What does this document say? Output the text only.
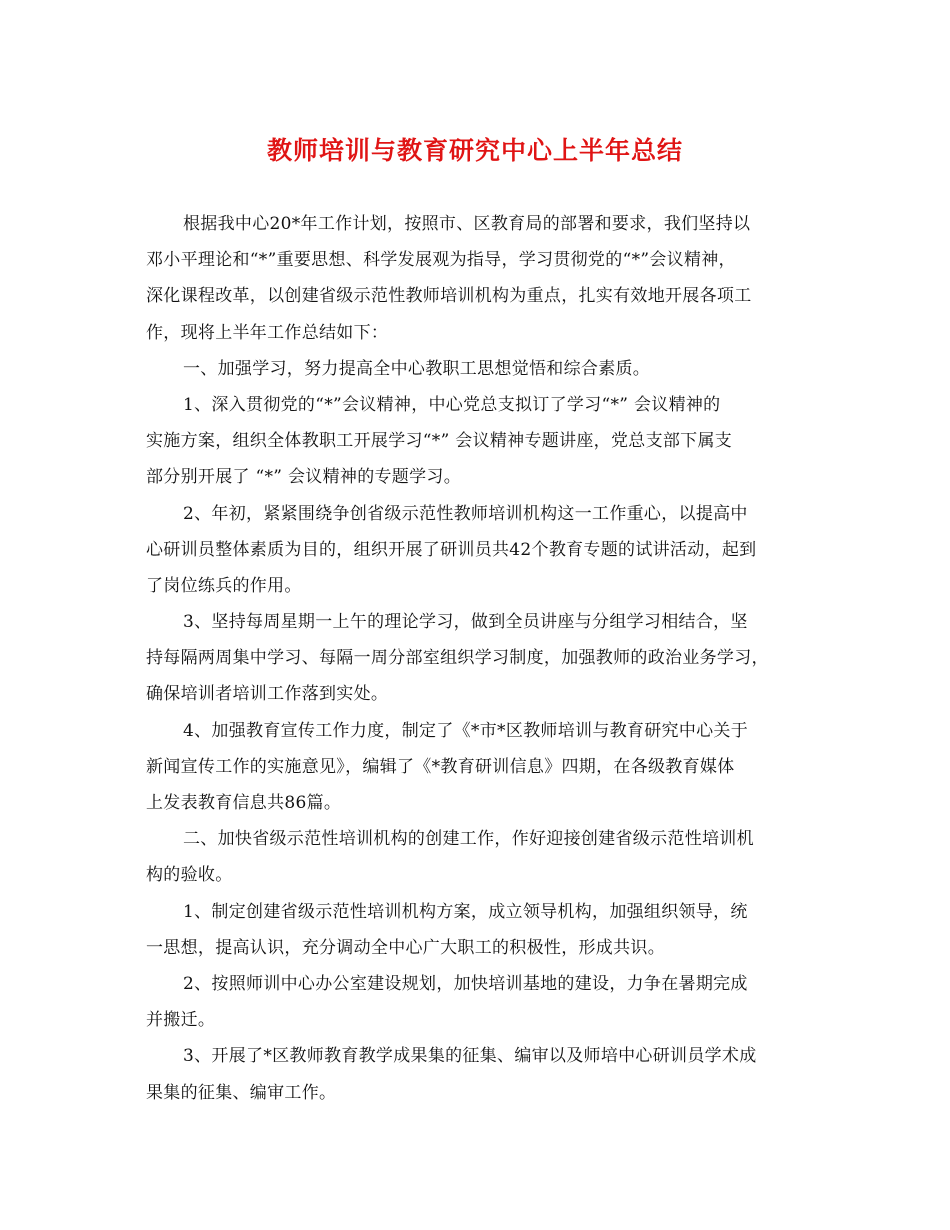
教师培训与教育研究中心上半年总结
根据我中心20*年工作计划，按照市、区教育局的部署和要求，我们坚持以
邓小平理论和“*”重要思想、科学发展观为指导，学习贯彻党的“*”会议精神，
深化课程改革，以创建省级示范性教师培训机构为重点，扎实有效地开展各项工
作，现将上半年工作总结如下：
一、加强学习，努力提高全中心教职工思想觉悟和综合素质。
1、深入贯彻党的“*”会议精神，中心党总支拟订了学习“*” 会议精神的
实施方案，组织全体教职工开展学习“*” 会议精神专题讲座，党总支部下属支
部分别开展了 “*” 会议精神的专题学习。
2、年初，紧紧围绕争创省级示范性教师培训机构这一工作重心，以提高中
心研训员整体素质为目的，组织开展了研训员共42个教育专题的试讲活动，起到
了岗位练兵的作用。
3、坚持每周星期一上午的理论学习，做到全员讲座与分组学习相结合，坚
持每隔两周集中学习、每隔一周分部室组织学习制度，加强教师的政治业务学习，
确保培训者培训工作落到实处。
4、加强教育宣传工作力度，制定了《*市*区教师培训与教育研究中心关于
新闻宣传工作的实施意见》，编辑了《*教育研训信息》四期，在各级教育媒体
上发表教育信息共86篇。
二、加快省级示范性培训机构的创建工作，作好迎接创建省级示范性培训机
构的验收。
1、制定创建省级示范性培训机构方案，成立领导机构，加强组织领导，统
一思想，提高认识，充分调动全中心广大职工的积极性，形成共识。
2、按照师训中心办公室建设规划，加快培训基地的建设，力争在暑期完成
并搬迁。
3、开展了*区教师教育教学成果集的征集、编审以及师培中心研训员学术成
果集的征集、编审工作。
